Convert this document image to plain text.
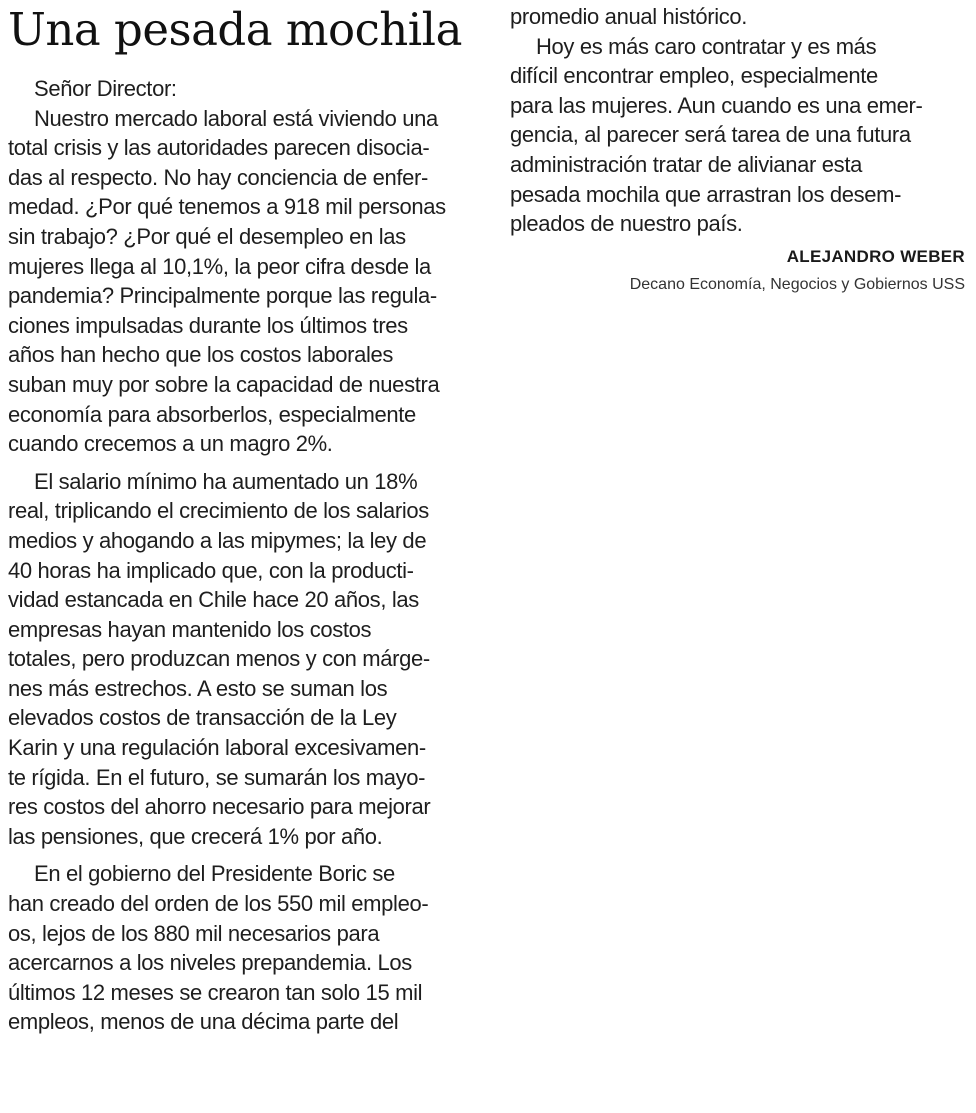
Una pesada mochila
Señor Director:
Nuestro mercado laboral está viviendo una
total crisis y las autoridades parecen disocia-
das al respecto. No hay conciencia de enfer-
medad. ¿Por qué tenemos a 918 mil personas
sin trabajo? ¿Por qué el desempleo en las
mujeres llega al 10,1%, la peor cifra desde la
pandemia? Principalmente porque las regula-
ciones impulsadas durante los últimos tres
años han hecho que los costos laborales
suban muy por sobre la capacidad de nuestra
economía para absorberlos, especialmente
cuando crecemos a un magro 2%.
El salario mínimo ha aumentado un 18%
real, triplicando el crecimiento de los salarios
medios y ahogando a las mipymes; la ley de
40 horas ha implicado que, con la producti-
vidad estancada en Chile hace 20 años, las
empresas hayan mantenido los costos
totales, pero produzcan menos y con márge-
nes más estrechos. A esto se suman los
elevados costos de transacción de la Ley
Karin y una regulación laboral excesivamen-
te rígida. En el futuro, se sumarán los mayo-
res costos del ahorro necesario para mejorar
las pensiones, que crecerá 1% por año.
En el gobierno del Presidente Boric se
han creado del orden de los 550 mil empleo-
os, lejos de los 880 mil necesarios para
acercarnos a los niveles prepandemia. Los
últimos 12 meses se crearon tan solo 15 mil
empleos, menos de una décima parte del
promedio anual histórico.
Hoy es más caro contratar y es más
difícil encontrar empleo, especialmente
para las mujeres. Aun cuando es una emer-
gencia, al parecer será tarea de una futura
administración tratar de alivianar esta
pesada mochila que arrastran los desem-
pleados de nuestro país.
ALEJANDRO WEBER
Decano Economía, Negocios y Gobiernos USS
